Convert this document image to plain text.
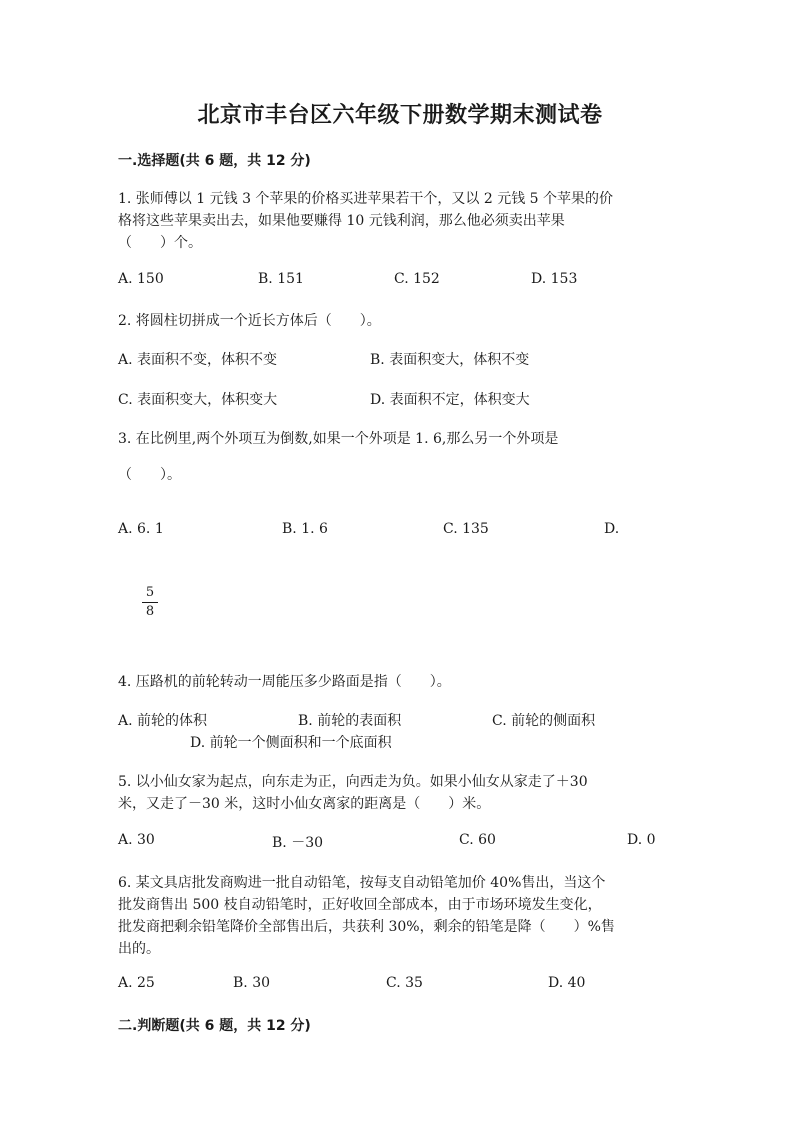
北京市丰台区六年级下册数学期末测试卷
一.选择题(共 6 题，共 12 分)
1. 张师傅以 1 元钱 3 个苹果的价格买进苹果若干个，又以 2 元钱 5 个苹果的价
格将这些苹果卖出去，如果他要赚得 10 元钱利润，那么他必须卖出苹果
（　　）个。
A. 150	B. 151	C. 152	D. 153
2. 将圆柱切拼成一个近长方体后（　　）。
A. 表面积不变，体积不变	B. 表面积变大，体积不变
C. 表面积变大，体积变大	D. 表面积不定，体积变大
3. 在比例里,两个外项互为倒数,如果一个外项是 1. 6,那么另一个外项是
（　　）。
A. 6. 1	B. 1. 6	C. 135	D.
5
8
4. 压路机的前轮转动一周能压多少路面是指（　　）。
A. 前轮的体积	B. 前轮的表面积	C. 前轮的侧面积
D. 前轮一个侧面积和一个底面积
5. 以小仙女家为起点，向东走为正，向西走为负。如果小仙女从家走了＋30
米，又走了－30 米，这时小仙女离家的距离是（　　）米。
A. 30	B. －30	C. 60	D. 0
6. 某文具店批发商购进一批自动铅笔，按每支自动铅笔加价 40%售出，当这个
批发商售出 500 枝自动铅笔时，正好收回全部成本，由于市场环境发生变化，
批发商把剩余铅笔降价全部售出后，共获利 30%，剩余的铅笔是降（　　）%售
出的。
A. 25	B. 30	C. 35	D. 40
二.判断题(共 6 题，共 12 分)
